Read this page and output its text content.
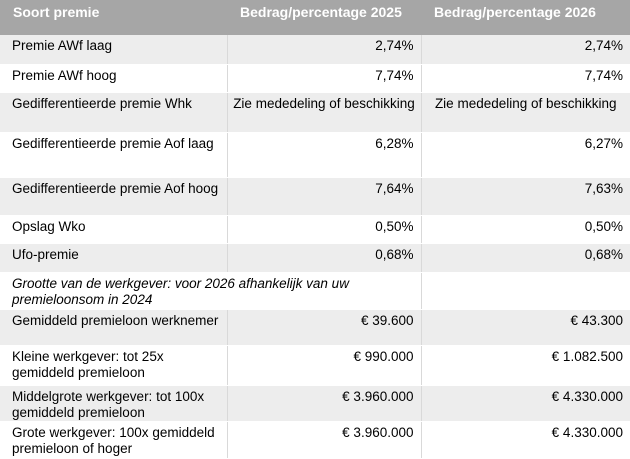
Soort premie	Bedrag/percentage 2025	Bedrag/percentage 2026
Premie AWf laag	2,74%	2,74%
Premie AWf hoog	7,74%	7,74%
Gedifferentieerde premie Whk	Zie mededeling of beschikking	Zie mededeling of beschikking
Gedifferentieerde premie Aof laag	6,28%	6,27%
Gedifferentieerde premie Aof hoog	7,64%	7,63%
Opslag Wko	0,50%	0,50%
Ufo-premie	0,68%	0,68%
Grootte van de werkgever: voor 2026 afhankelijk van uw premieloonsom in 2024		
Gemiddeld premieloon werknemer	€ 39.600	€ 43.300
Kleine werkgever: tot 25x gemiddeld premieloon	€ 990.000	€ 1.082.500
Middelgrote werkgever: tot 100x gemiddeld premieloon	€ 3.960.000	€ 4.330.000
Grote werkgever: 100x gemiddeld premieloon of hoger	€ 3.960.000	€ 4.330.000
